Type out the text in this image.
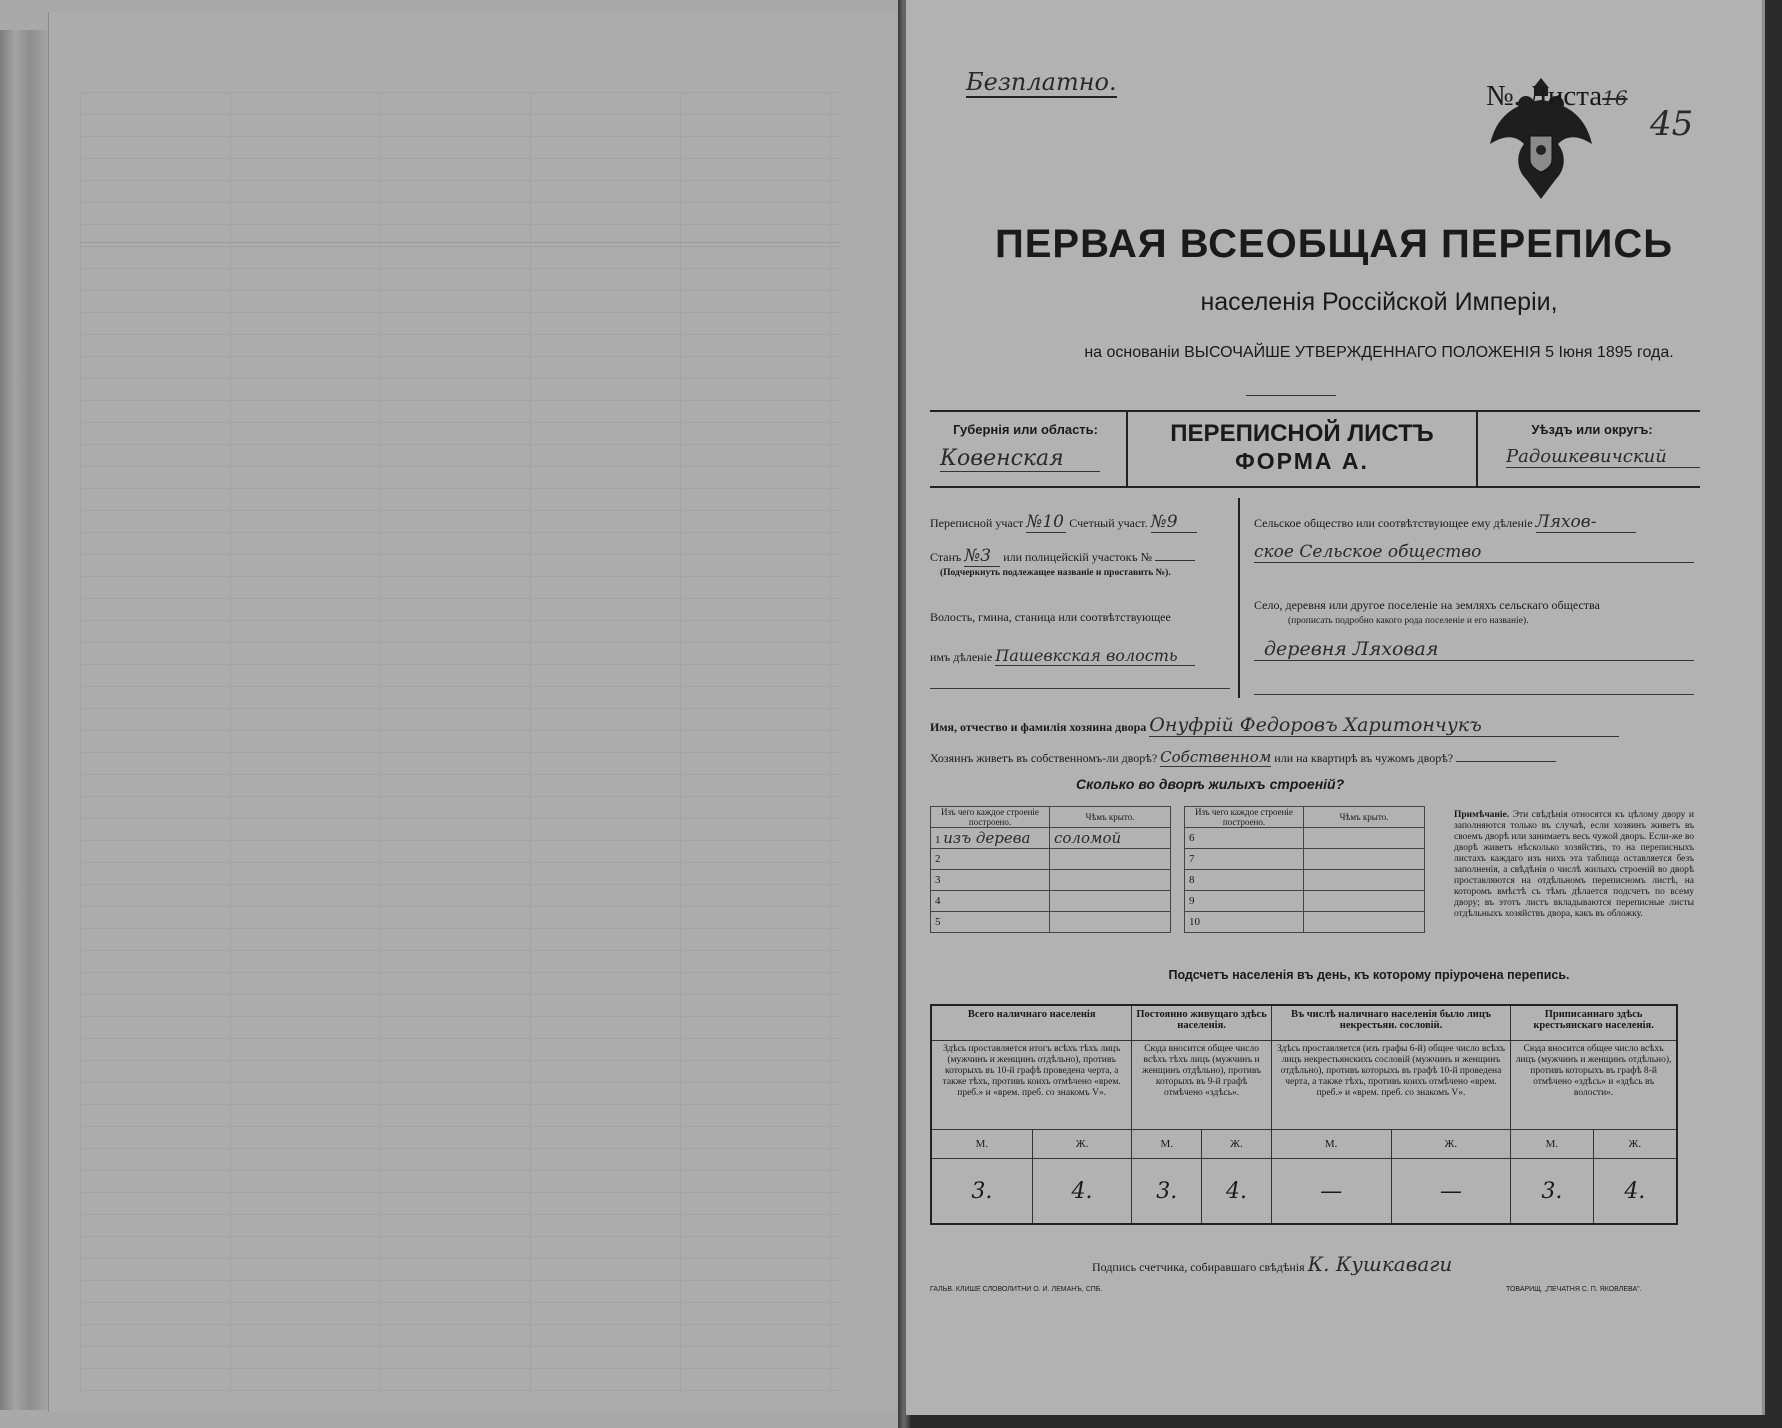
Безплатно.
ПЕРВАЯ ВСЕОБЩАЯ ПЕРЕПИСЬ
населенія Россійской Имперіи,
на основаніи ВЫСОЧАЙШЕ УТВЕРЖДЕННАГО ПОЛОЖЕНІЯ 5 Іюня 1895 года.
Губернія или область:
Ковенская
ПЕРЕПИСНОЙ ЛИСТЪ
ФОРМА А.
Уѣздъ или округъ:
Радошкевичский
Переписной участ №10 Счетный участ. №9
Станъ №3 или полицейскій участокъ №
(Подчеркнуть подлежащее названіе и проставить №).
Волость, гмина, станица или соотвѣтствующее
имъ дѣленіе Пашевкская волость
Сельское общество или соотвѣтствующее ему дѣленіе Ляхов-
ское Сельское общество
Село, деревня или другое поселеніе на земляхъ сельскаго общества
(прописать подробно какого рода поселеніе и его названіе).
деревня Ляховая
Имя, отчество и фамилія хозяина двора Онуфрій Федоровъ Харитончукъ
Хозяинъ живетъ въ собственномъ-ли дворѣ? Собственном или на квартирѣ въ чужомъ дворѣ?
Сколько во дворѣ жилыхъ строеній?
Изъ чего каждое строеніе построено.	Чѣмъ крыто.
1 изъ дерева	соломой
2	
3	
4	
5	
Изъ чего каждое строеніе построено.	Чѣмъ крыто.
6	
7	
8	
9	
10	
Примѣчаніе. Эти свѣдѣнія относятся къ цѣлому двору и заполняются только въ случаѣ, если хозяинъ живетъ въ своемъ дворѣ или занимаетъ весь чужой дворъ. Если-же во дворѣ живетъ нѣсколько хозяйствъ, то на переписныхъ листахъ каждаго изъ нихъ эта таблица оставляется безъ заполненія, а свѣдѣнія о числѣ жилыхъ строеній во дворѣ проставляются на отдѣльномъ переписномъ листѣ, на которомъ вмѣстѣ съ тѣмъ дѣлается подсчетъ по всему двору; въ этотъ листъ вкладываются переписные листы отдѣльныхъ хозяйствъ двора, какъ въ обложку.
Подсчетъ населенія въ день, къ которому пріурочена перепись.
Всего наличнаго населенія		Постоянно живущаго здѣсь населенія.		Въ числѣ наличнаго населенія было лицъ некрестьян. сословій.		Приписаннаго здѣсь крестьянскаго населенія.	
Здѣсь проставляется итогъ всѣхъ тѣхъ лицъ (мужчинъ и женщинъ отдѣльно), противъ которыхъ въ 10-й графѣ проведена черта, а также тѣхъ, противъ коихъ отмѣчено «врем. преб.» и «врем. преб. со знакомъ V».		Сюда вносится общее число всѣхъ тѣхъ лицъ (мужчинъ и женщинъ отдѣльно), противъ которыхъ въ 9-й графѣ отмѣчено «здѣсь».		Здѣсь проставляется (изъ графы 6-й) общее число всѣхъ лицъ некрестьянскихъ сословій (мужчинъ и женщинъ отдѣльно), противъ которыхъ въ графѣ 10-й проведена черта, а также тѣхъ, противъ коихъ отмѣчено «врем. преб.» и «врем. преб. со знакомъ V».		Сюда вносится общее число всѣхъ лицъ (мужчинъ и женщинъ отдѣльно), противъ которыхъ въ графѣ 8-й отмѣчено «здѣсь» и «здѣсь въ волости».	
М.	Ж.	М.	Ж.	М.	Ж.	М.	Ж.
3.	4.	3.	4.	—	—	3.	4.
Подпись счетчика, собиравшаго свѣдѣнія К. Кушкаваги
ГАЛЬВ. КЛИШЕ СЛОВОЛИТНИ О. И. ЛЕМАНЪ, СПБ.	ТОВАРИЩ. „ПЕЧАТНЯ С. П. ЯКОВЛЕВА".
№. Листа16
45
